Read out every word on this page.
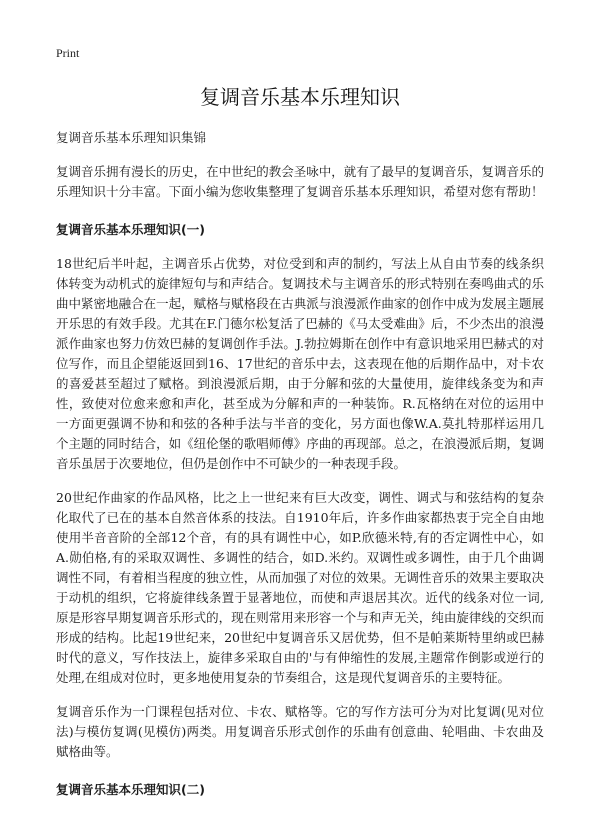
Print

复调音乐基本乐理知识

复调音乐基本乐理知识集锦

复调音乐拥有漫长的历史，在中世纪的教会圣咏中，就有了最早的复调音乐，复调音乐的乐理知识十分丰富。下面小编为您收集整理了复调音乐基本乐理知识，希望对您有帮助！

复调音乐基本乐理知识(一)

18世纪后半叶起，主调音乐占优势，对位受到和声的制约，写法上从自由节奏的线条织体转变为动机式的旋律短句与和声结合。复调技术与主调音乐的形式特别在奏鸣曲式的乐曲中紧密地融合在一起，赋格与赋格段在古典派与浪漫派作曲家的创作中成为发展主题展开乐思的有效手段。尤其在F.门德尔松复活了巴赫的《马太受难曲》后，不少杰出的浪漫派作曲家也努力仿效巴赫的复调创作手法。J.勃拉姆斯在创作中有意识地采用巴赫式的对位写作，而且企望能返回到16、17世纪的音乐中去，这表现在他的后期作品中，对卡农的喜爱甚至超过了赋格。到浪漫派后期，由于分解和弦的大量使用，旋律线条变为和声性，致使对位愈来愈和声化，甚至成为分解和声的一种装饰。R.瓦格纳在对位的运用中一方面更强调不协和和弦的各种手法与半音的变化，另方面也像W.A.莫扎特那样运用几个主题的同时结合，如《纽伦堡的歌唱师傅》序曲的再现部。总之，在浪漫派后期，复调音乐虽居于次要地位，但仍是创作中不可缺少的一种表现手段。

20世纪作曲家的作品风格，比之上一世纪来有巨大改变，调性、调式与和弦结构的复杂化取代了已在的基本自然音体系的技法。自1910年后，许多作曲家都热衷于完全自由地使用半音音阶的全部12个音，有的具有调性中心，如P.欣德米特,有的否定调性中心，如A.勋伯格,有的采取双调性、多调性的结合，如D.米约。双调性或多调性，由于几个曲调调性不同，有着相当程度的独立性，从而加强了对位的效果。无调性音乐的效果主要取决于动机的组织，它将旋律线条置于显著地位，而使和声退居其次。近代的线条对位一词,原是形容早期复调音乐形式的，现在则常用来形容一个与和声无关，纯由旋律线的交织而形成的结构。比起19世纪来，20世纪中复调音乐又居优势，但不是帕莱斯特里纳或巴赫时代的意义，写作技法上，旋律多采取自由的'与有伸缩性的发展,主题常作倒影或逆行的处理,在组成对位时，更多地使用复杂的节奏组合，这是现代复调音乐的主要特征。

复调音乐作为一门课程包括对位、卡农、赋格等。它的写作方法可分为对比复调(见对位法)与模仿复调(见模仿)两类。用复调音乐形式创作的乐曲有创意曲、轮唱曲、卡农曲及赋格曲等。

复调音乐基本乐理知识(二)
